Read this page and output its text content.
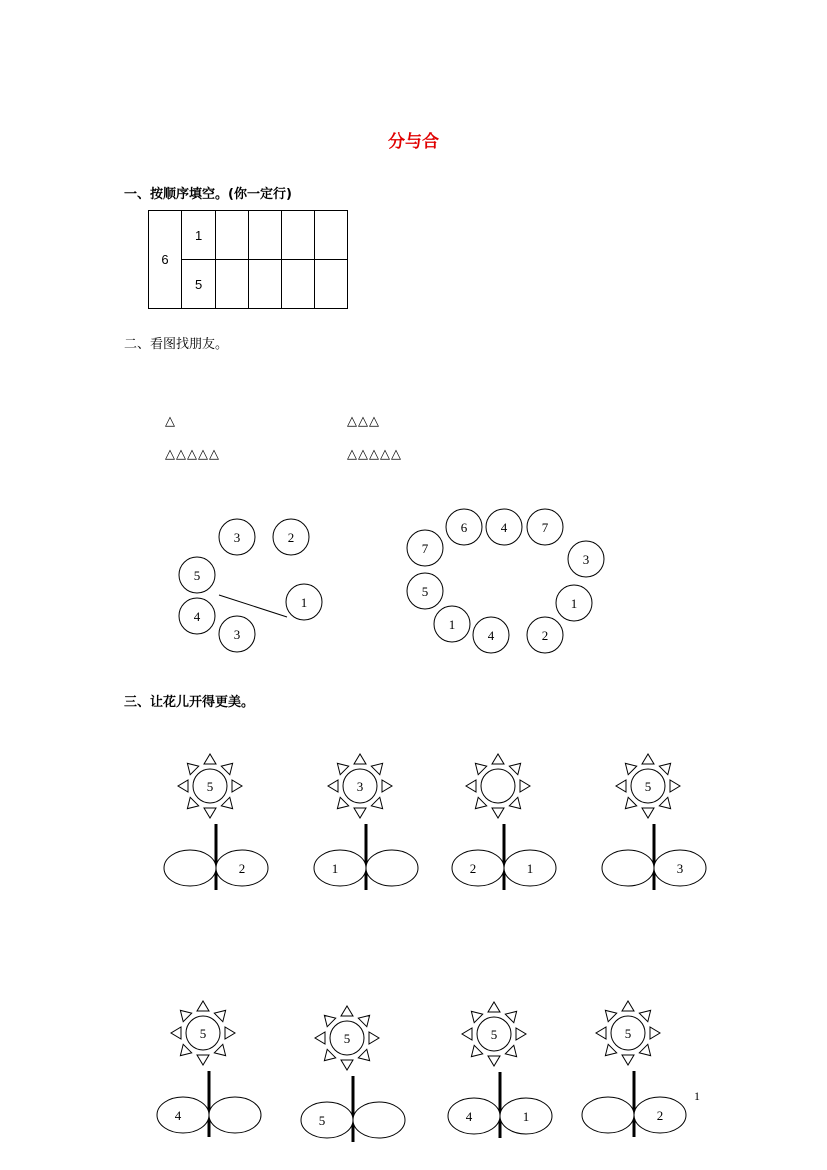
分与合
一、按顺序填空。(你一定行)
6	1				
	5				
二、看图找朋友。
△	△△△
△△△△△	△△△△△
3	2
5
1
4
3
6	4	7
7
3
5
1
1
4	2
5
2
3
1	2	1
5
3
5
4
5
5
5
4	1
5
2
三、让花儿开得更美。
1
